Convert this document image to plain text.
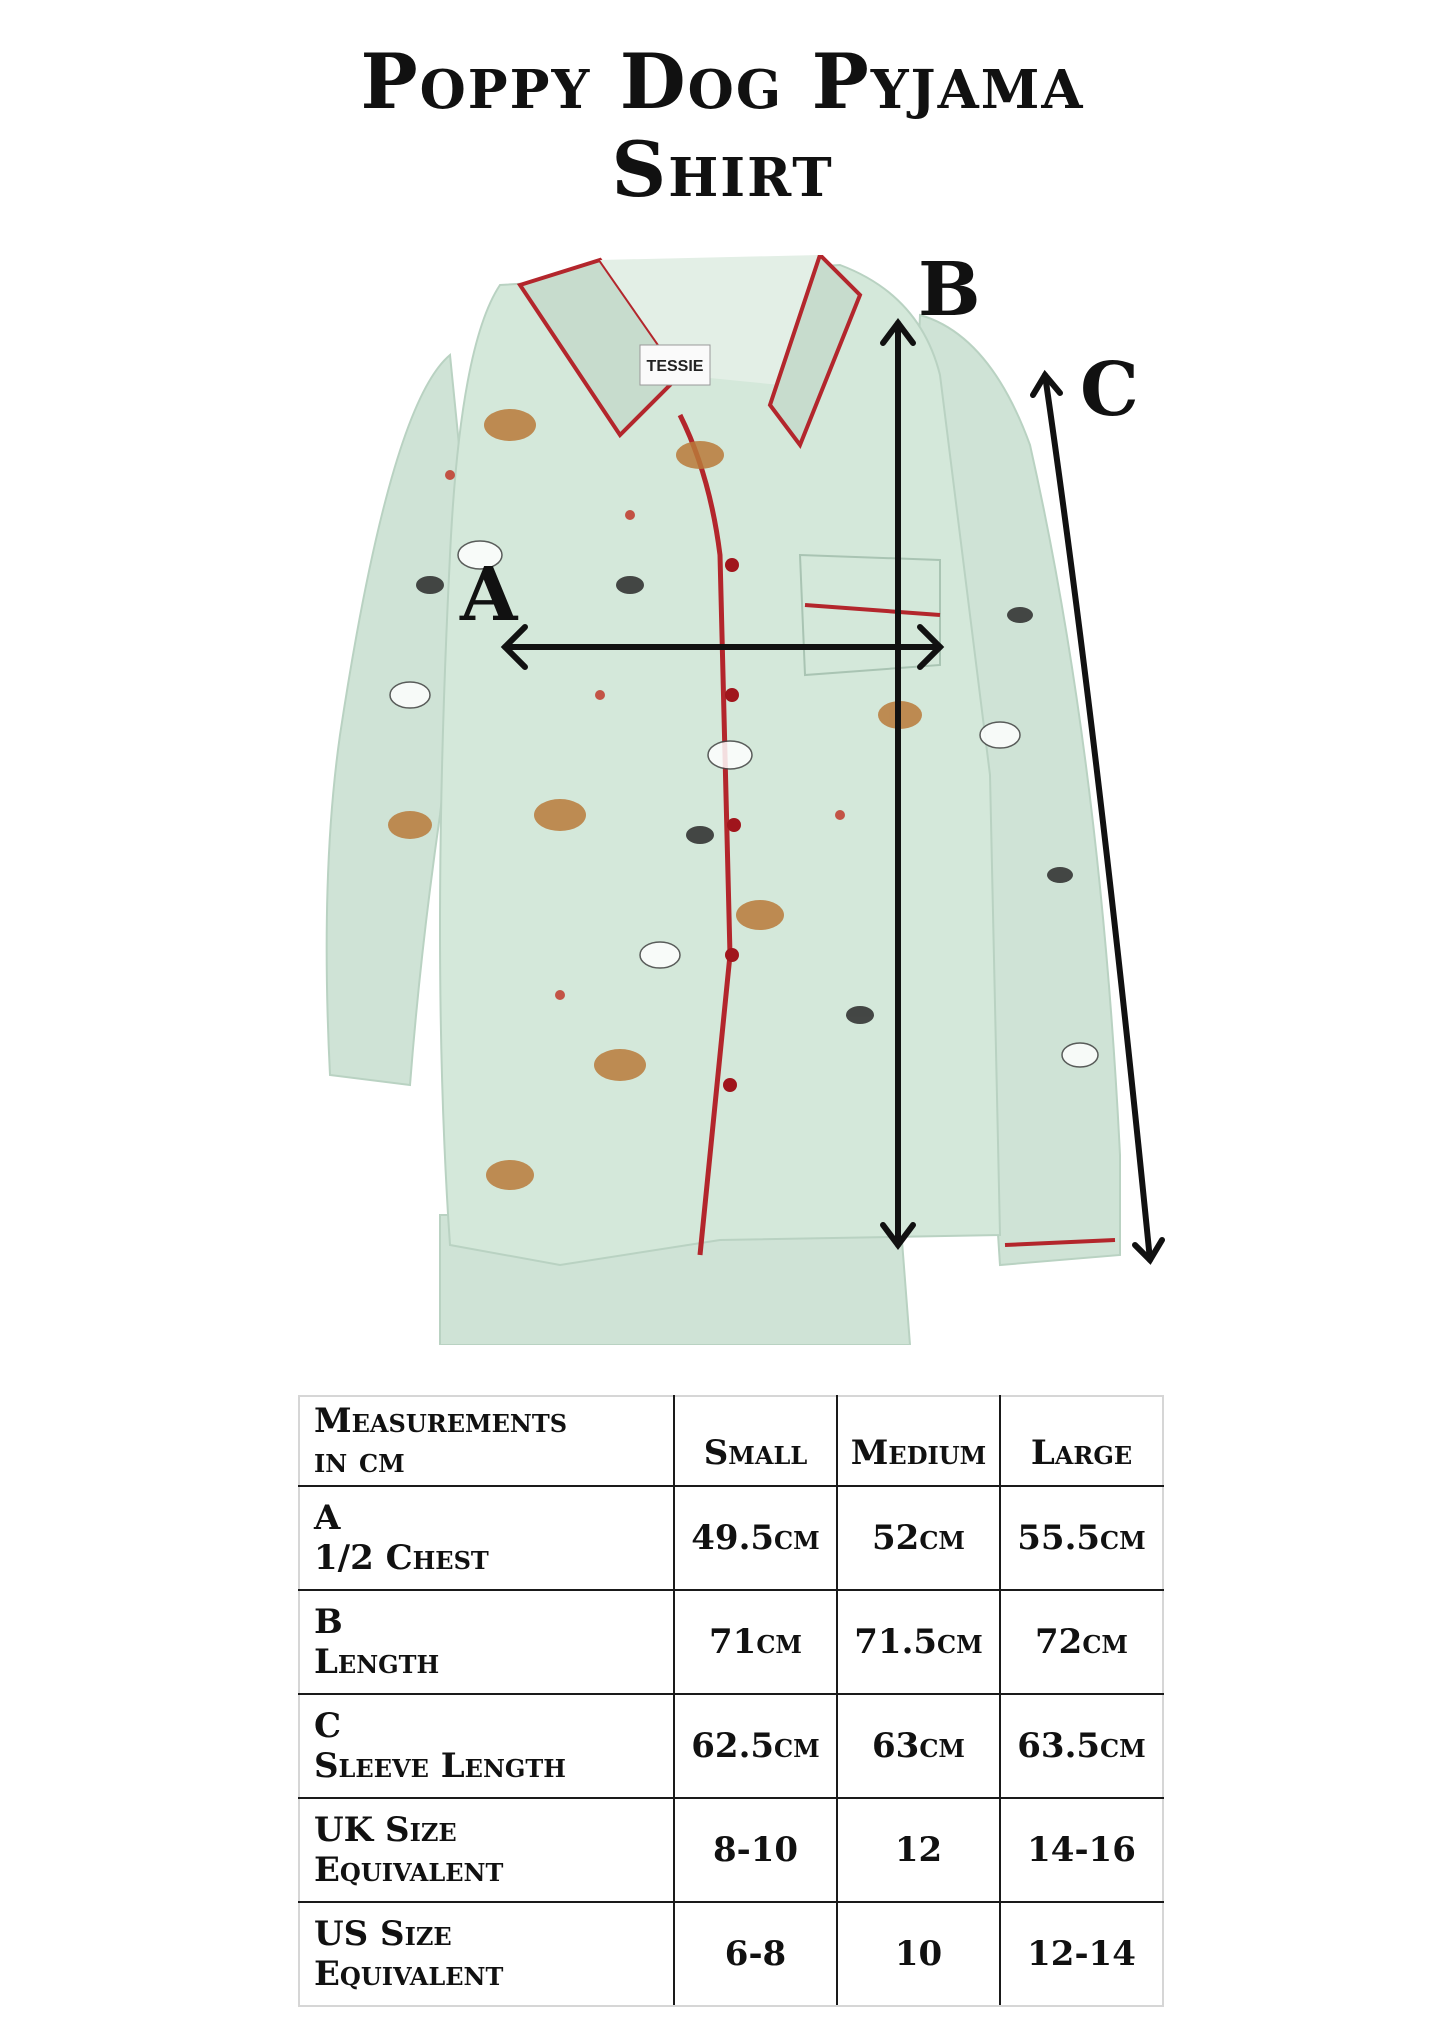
Poppy Dog Pyjama
Shirt
TESSIE
A
B
C
Measurements
in cm	Small	Medium	Large

A
1/2 Chest	49.5cm	52cm	55.5cm

B
Length	71cm	71.5cm	72cm

C
Sleeve Length	62.5cm	63cm	63.5cm

UK Size
Equivalent	8-10	12	14-16

US Size
Equivalent	6-8	10	12-14
